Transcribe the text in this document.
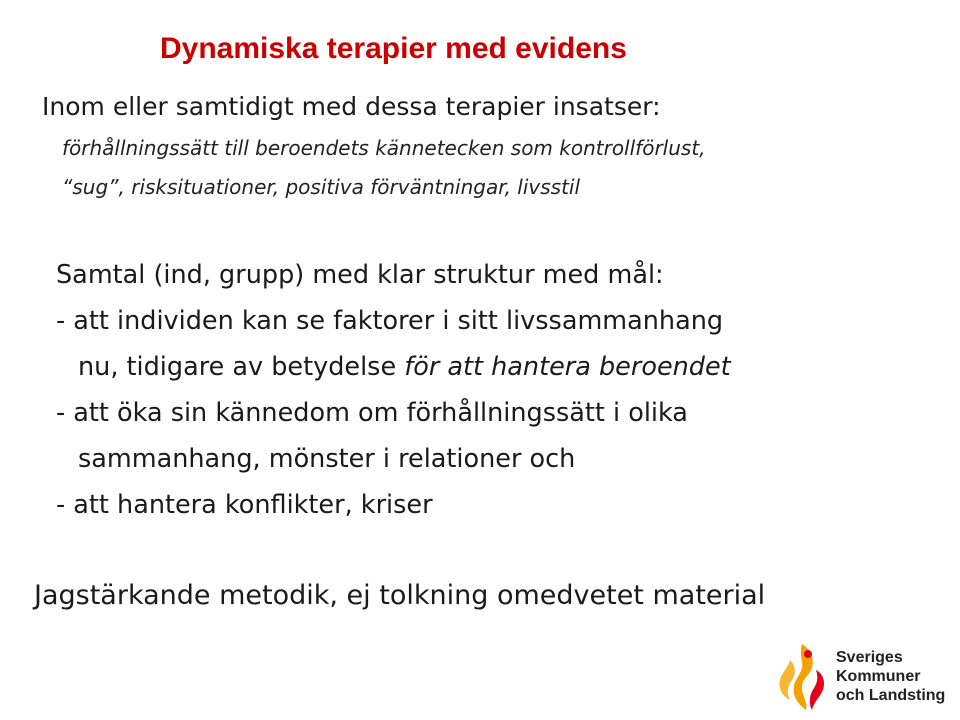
Dynamiska terapier med evidens
Inom eller samtidigt med dessa terapier insatser:
förhållningssätt till beroendets kännetecken som kontrollförlust,
“sug”, risksituationer, positiva förväntningar, livsstil
Samtal (ind, grupp) med klar struktur med mål:
- att individen kan se faktorer i sitt livssammanhang
nu, tidigare av betydelse för att hantera beroendet
- att öka sin kännedom om förhållningssätt i olika
sammanhang, mönster i relationer och
- att hantera konflikter, kriser
Jagstärkande metodik, ej tolkning omedvetet material
Sveriges
Kommuner
och Landsting
